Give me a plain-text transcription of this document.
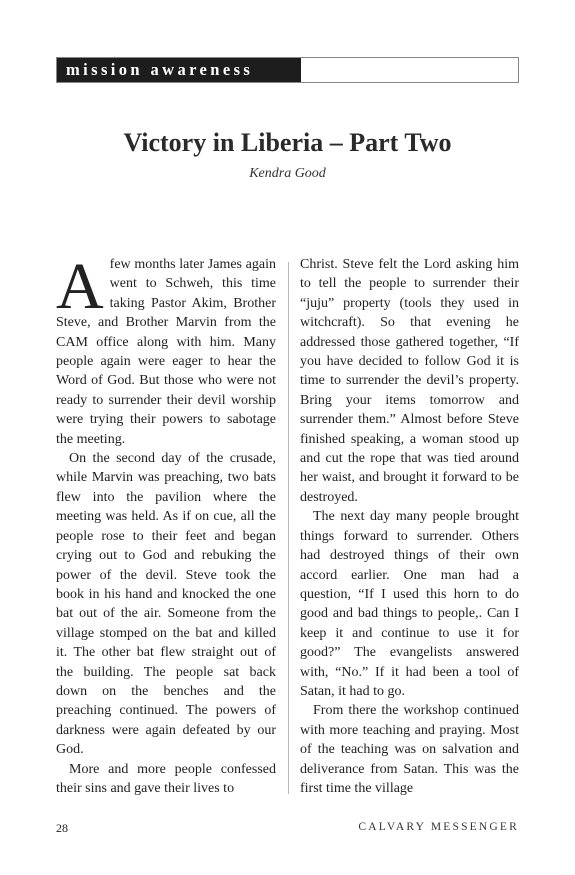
mission awareness
Victory in Liberia – Part Two
Kendra Good

Afew months later James again went to Schweh, this time taking Pastor Akim, Brother Steve, and Brother Marvin from the CAM office along with him. Many people again were eager to hear the Word of God. But those who were not ready to surrender their devil worship were trying their powers to sabotage the meeting.

On the second day of the crusade, while Marvin was preaching, two bats flew into the pavilion where the meeting was held. As if on cue, all the people rose to their feet and began crying out to God and rebuking the power of the devil. Steve took the book in his hand and knocked the one bat out of the air. Someone from the village stomped on the bat and killed it. The other bat flew straight out of the building. The people sat back down on the benches and the preaching continued. The powers of darkness were again defeated by our God.

More and more people confessed their sins and gave their lives to

Christ. Steve felt the Lord asking him to tell the people to surrender their “juju” property (tools they used in witchcraft). So that evening he addressed those gathered together, “If you have decided to follow God it is time to surrender the devil’s property. Bring your items tomorrow and surrender them.” Almost before Steve finished speaking, a woman stood up and cut the rope that was tied around her waist, and brought it forward to be destroyed.

The next day many people brought things forward to surrender. Others had destroyed things of their own accord earlier. One man had a question, “If I used this horn to do good and bad things to people,. Can I keep it and continue to use it for good?” The evangelists answered with, “No.” If it had been a tool of Satan, it had to go.

From there the workshop continued with more teaching and praying. Most of the teaching was on salvation and deliverance from Satan. This was the first time the village

28	CALVARY MESSENGER
